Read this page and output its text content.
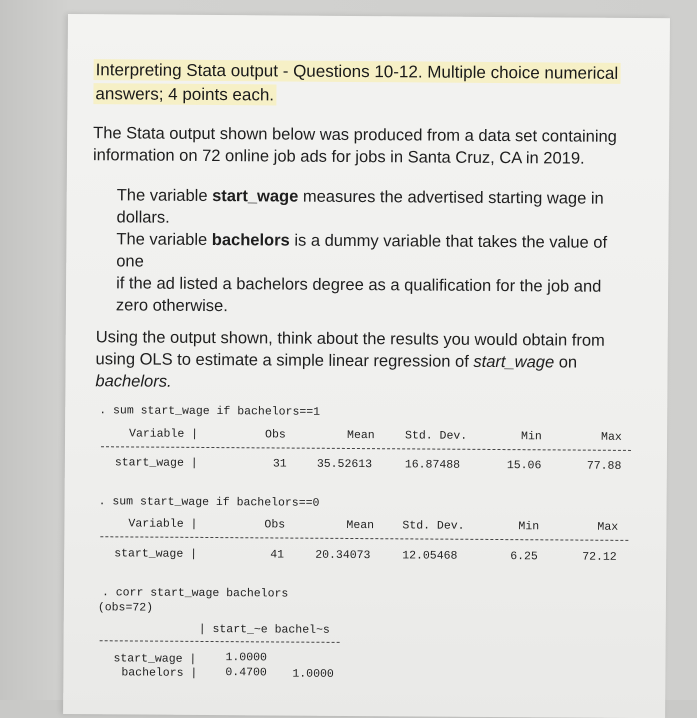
Interpreting Stata output - Questions 10-12. Multiple choice numerical
answers; 4 points each.
The Stata output shown below was produced from a data set containing
information on 72 online job ads for jobs in Santa Cruz, CA in 2019.
The variable start_wage measures the advertised starting wage in
dollars.
The variable bachelors is a dummy variable that takes the value of one
if the ad listed a bachelors degree as a qualification for the job and
zero otherwise.
Using the output shown, think about the results you would obtain from
using OLS to estimate a simple linear regression of start_wage on
bachelors.
. sum start_wage if bachelors==1
Variable |	Obs	Mean	Std. Dev.	Min	Max
start_wage |	31	35.52613	16.87488	15.06	77.88
. sum start_wage if bachelors==0
Variable |	Obs	Mean Std. Dev.	Min	Max
start_wage |	41	20.34073	12.05468	6.25	72.12
. corr start_wage bachelors
(obs=72)
| start_~e bachel~s
start_wage |	1.0000
bachelors | 0.4700 1.0000
